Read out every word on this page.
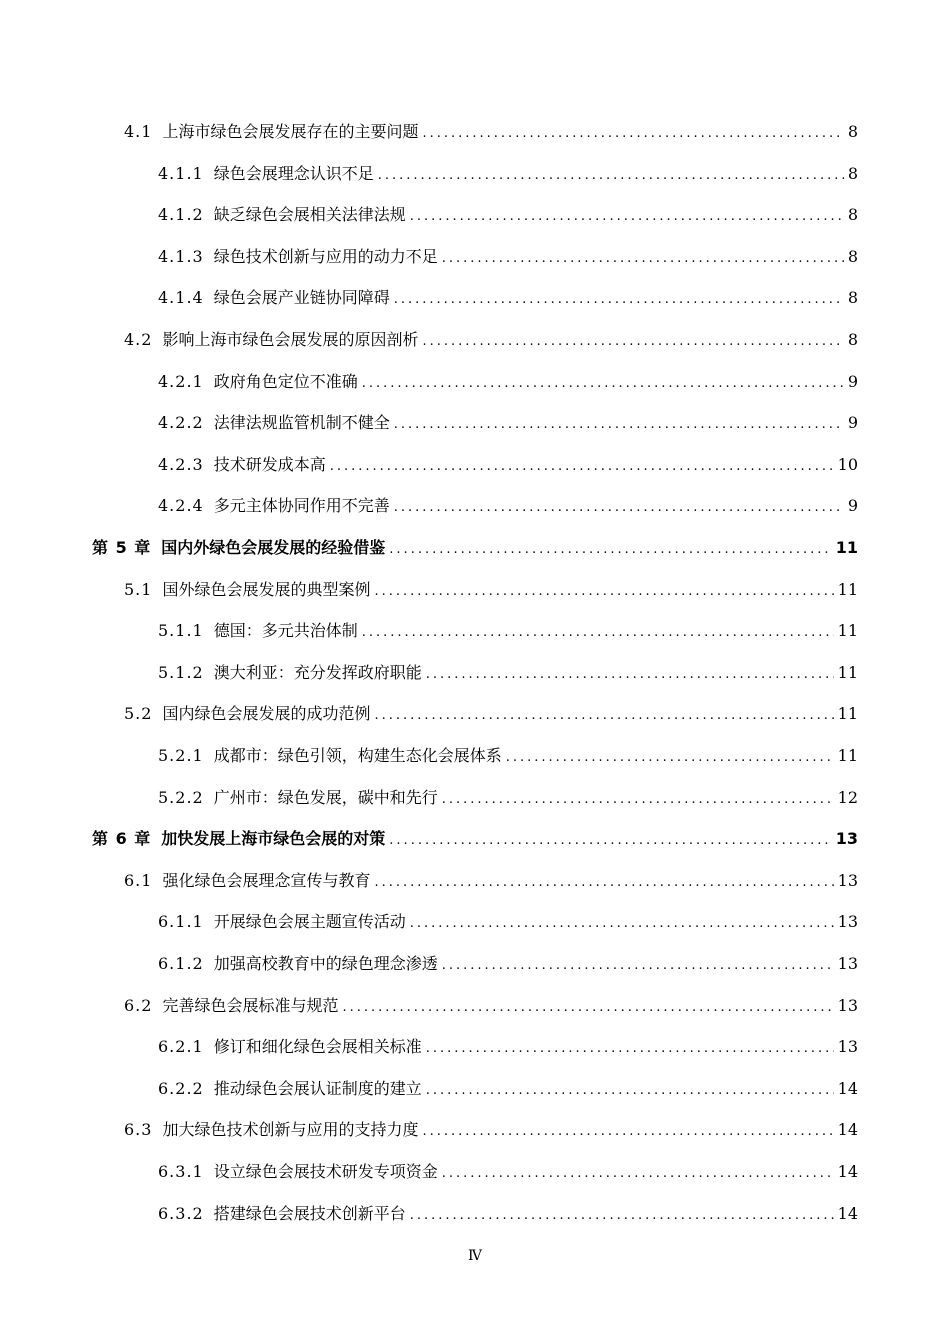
4.1 上海市绿色会展发展存在的主要问题 .....	8
4.1.1 绿色会展理念认识不足 .....	8
4.1.2 缺乏绿色会展相关法律法规 .....	8
4.1.3 绿色技术创新与应用的动力不足 .....	8
4.1.4 绿色会展产业链协同障碍 .....	8
4.2 影响上海市绿色会展发展的原因剖析 .....	8
4.2.1 政府角色定位不准确 .....	9
4.2.2 法律法规监管机制不健全 .....	9
4.2.3 技术研发成本高 .....	10
4.2.4 多元主体协同作用不完善 .....	9
第 5 章 国内外绿色会展发展的经验借鉴 .....	11
5.1 国外绿色会展发展的典型案例 .....	11
5.1.1 德国：多元共治体制 .....	11
5.1.2 澳大利亚：充分发挥政府职能 .....	11
5.2 国内绿色会展发展的成功范例 .....	11
5.2.1 成都市：绿色引领，构建生态化会展体系 .....	11
5.2.2 广州市：绿色发展，碳中和先行 .....	12
第 6 章 加快发展上海市绿色会展的对策 .....	13
6.1 强化绿色会展理念宣传与教育 .....	13
6.1.1 开展绿色会展主题宣传活动 .....	13
6.1.2 加强高校教育中的绿色理念渗透 .....	13
6.2 完善绿色会展标准与规范 .....	13
6.2.1 修订和细化绿色会展相关标准 .....	13
6.2.2 推动绿色会展认证制度的建立 .....	14
6.3 加大绿色技术创新与应用的支持力度 .....	14
6.3.1 设立绿色会展技术研发专项资金 .....	14
6.3.2 搭建绿色会展技术创新平台 .....	14
Ⅳ
